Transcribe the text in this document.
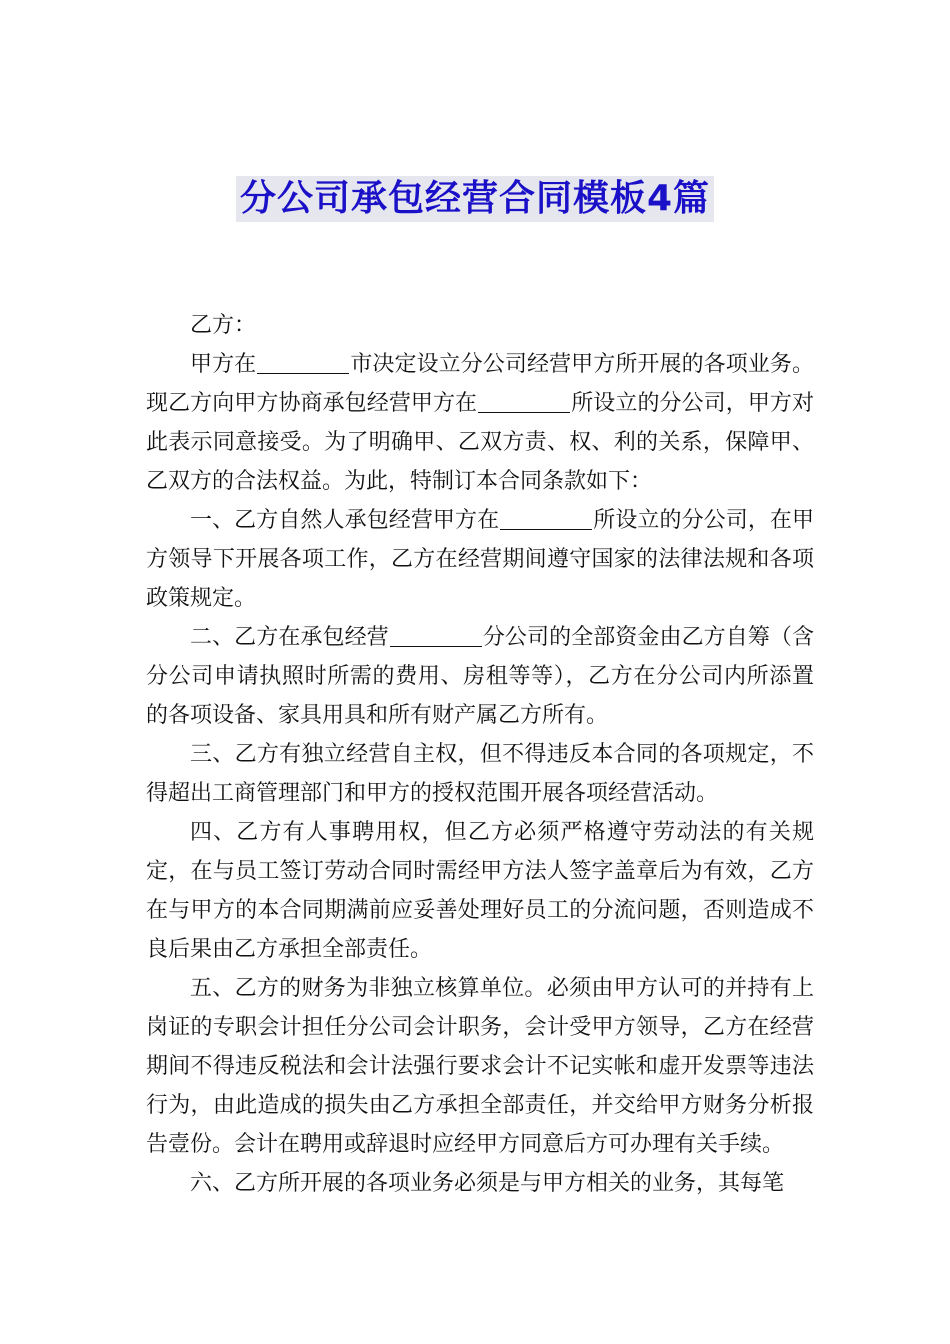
分公司承包经营合同模板4篇

乙方：

甲方在	市决定设立分公司经营甲方所开展的各项业务。现乙方向甲方协商承包经营甲方在	所设立的分公司，甲方对此表示同意接受。为了明确甲、乙双方责、权、利的关系，保障甲、乙双方的合法权益。为此，特制订本合同条款如下：

一、乙方自然人承包经营甲方在	所设立的分公司，在甲方领导下开展各项工作，乙方在经营期间遵守国家的法律法规和各项政策规定。

二、乙方在承包经营	分公司的全部资金由乙方自筹（含分公司申请执照时所需的费用、房租等等），乙方在分公司内所添置的各项设备、家具用具和所有财产属乙方所有。

三、乙方有独立经营自主权，但不得违反本合同的各项规定，不得超出工商管理部门和甲方的授权范围开展各项经营活动。

四、乙方有人事聘用权，但乙方必须严格遵守劳动法的有关规定，在与员工签订劳动合同时需经甲方法人签字盖章后为有效，乙方在与甲方的本合同期满前应妥善处理好员工的分流问题，否则造成不良后果由乙方承担全部责任。

五、乙方的财务为非独立核算单位。必须由甲方认可的并持有上岗证的专职会计担任分公司会计职务，会计受甲方领导，乙方在经营期间不得违反税法和会计法强行要求会计不记实帐和虚开发票等违法行为，由此造成的损失由乙方承担全部责任，并交给甲方财务分析报告壹份。会计在聘用或辞退时应经甲方同意后方可办理有关手续。

六、乙方所开展的各项业务必须是与甲方相关的业务，其每笔
